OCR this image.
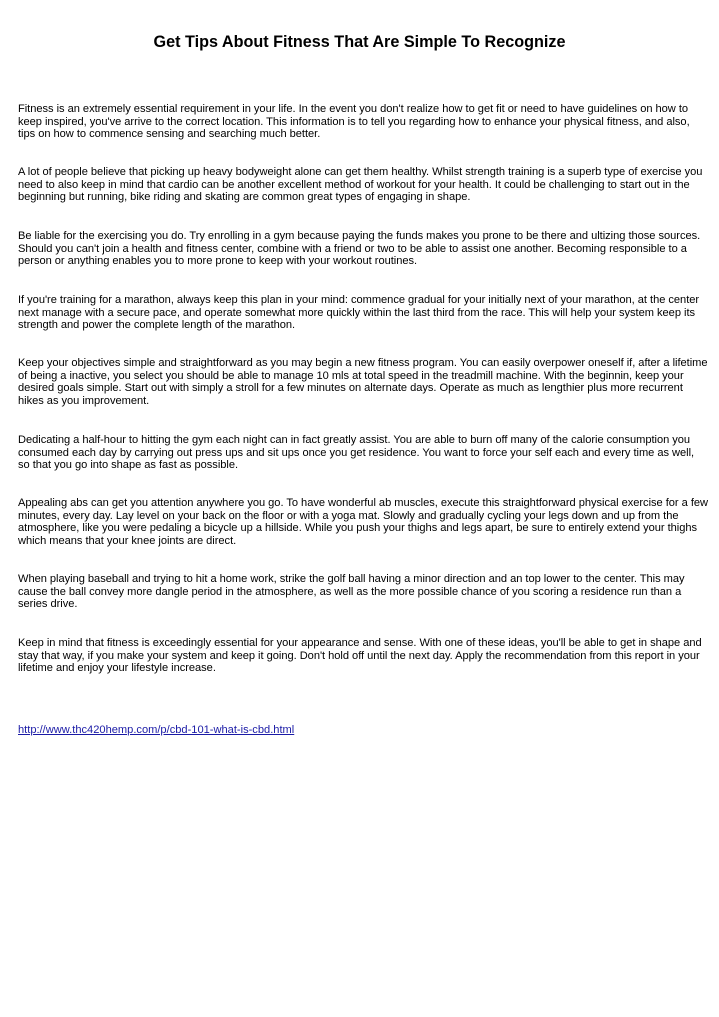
Get Tips About Fitness That Are Simple To Recognize

Fitness is an extremely essential requirement in your life. In the event you don't realize how to get fit or need to have guidelines on how to keep inspired, you've arrive to the correct location. This information is to tell you regarding how to enhance your physical fitness, and also, tips on how to commence sensing and searching much better.

A lot of people believe that picking up heavy bodyweight alone can get them healthy. Whilst strength training is a superb type of exercise you need to also keep in mind that cardio can be another excellent method of workout for your health. It could be challenging to start out in the beginning but running, bike riding and skating are common great types of engaging in shape.

Be liable for the exercising you do. Try enrolling in a gym because paying the funds makes you prone to be there and ultizing those sources. Should you can't join a health and fitness center, combine with a friend or two to be able to assist one another. Becoming responsible to a person or anything enables you to more prone to keep with your workout routines.

If you're training for a marathon, always keep this plan in your mind: commence gradual for your initially next of your marathon, at the center next manage with a secure pace, and operate somewhat more quickly within the last third from the race. This will help your system keep its strength and power the complete length of the marathon.

Keep your objectives simple and straightforward as you may begin a new fitness program. You can easily overpower oneself if, after a lifetime of being a inactive, you select you should be able to manage 10 mls at total speed in the treadmill machine. With the beginnin, keep your desired goals simple. Start out with simply a stroll for a few minutes on alternate days. Operate as much as lengthier plus more recurrent hikes as you improvement.

Dedicating a half-hour to hitting the gym each night can in fact greatly assist. You are able to burn off many of the calorie consumption you consumed each day by carrying out press ups and sit ups once you get residence. You want to force your self each and every time as well, so that you go into shape as fast as possible.

Appealing abs can get you attention anywhere you go. To have wonderful ab muscles, execute this straightforward physical exercise for a few minutes, every day. Lay level on your back on the floor or with a yoga mat. Slowly and gradually cycling your legs down and up from the atmosphere, like you were pedaling a bicycle up a hillside. While you push your thighs and legs apart, be sure to entirely extend your thighs which means that your knee joints are direct.

When playing baseball and trying to hit a home work, strike the golf ball having a minor direction and an top lower to the center. This may cause the ball convey more dangle period in the atmosphere, as well as the more possible chance of you scoring a residence run than a series drive.

Keep in mind that fitness is exceedingly essential for your appearance and sense. With one of these ideas, you'll be able to get in shape and stay that way, if you make your system and keep it going. Don't hold off until the next day. Apply the recommendation from this report in your lifetime and enjoy your lifestyle increase.

http://www.thc420hemp.com/p/cbd-101-what-is-cbd.html
